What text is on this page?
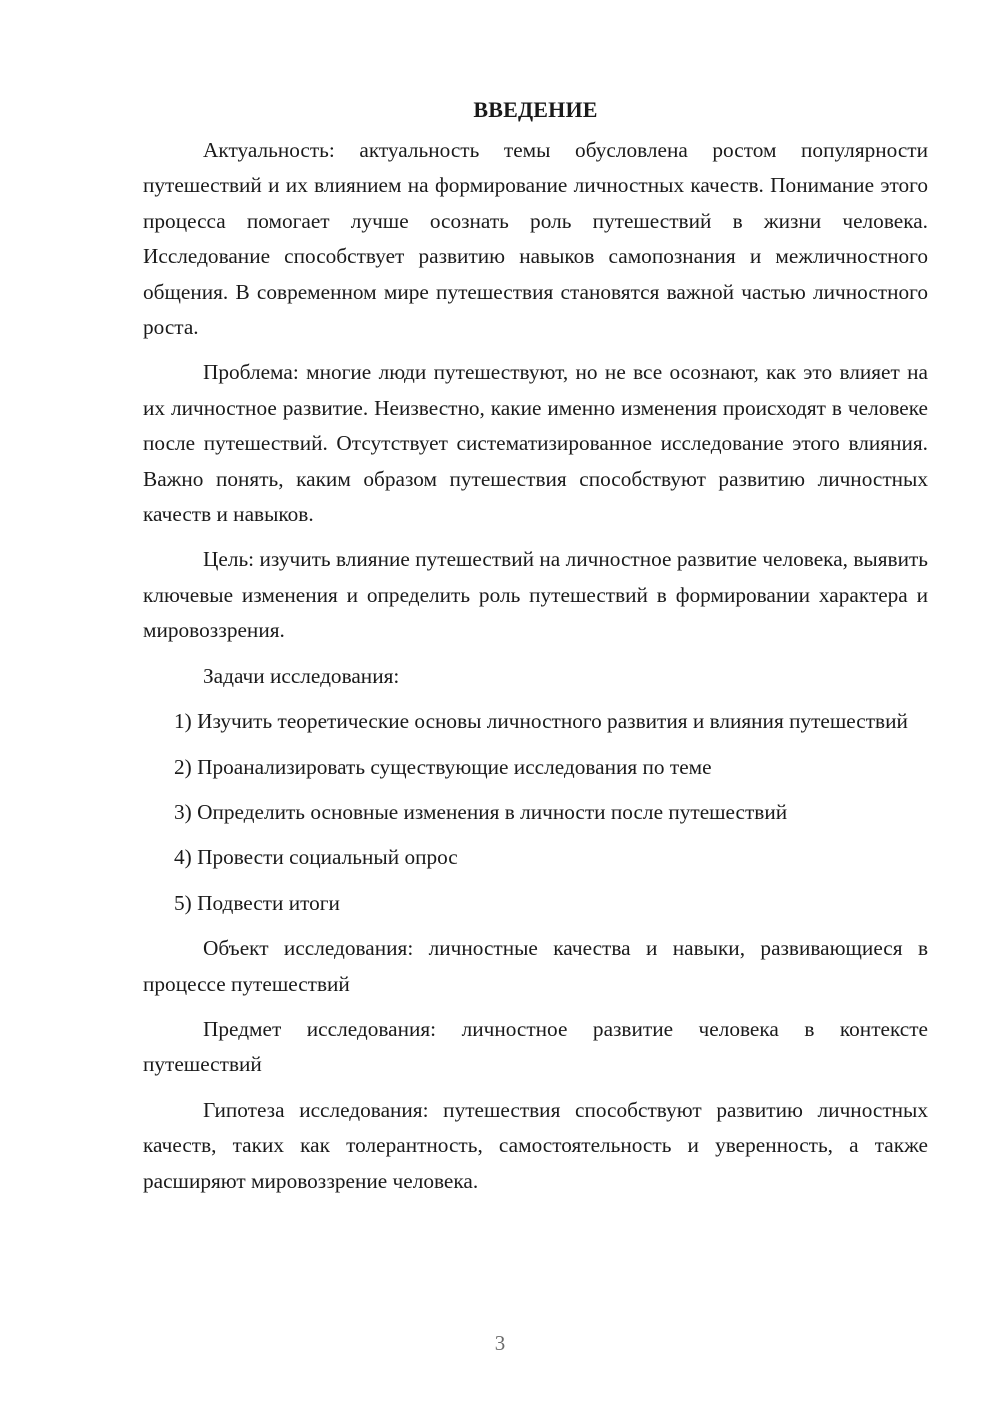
ВВЕДЕНИЕ

Актуальность: актуальность темы обусловлена ростом популярности путешествий и их влиянием на формирование личностных качеств. Понимание этого процесса помогает лучше осознать роль путешествий в жизни человека. Исследование способствует развитию навыков самопознания и межличностного общения. В современном мире путешествия становятся важной частью личностного роста.

Проблема: многие люди путешествуют, но не все осознают, как это влияет на их личностное развитие. Неизвестно, какие именно изменения происходят в человеке после путешествий. Отсутствует систематизированное исследование этого влияния. Важно понять, каким образом путешествия способствуют развитию личностных качеств и навыков.

Цель: изучить влияние путешествий на личностное развитие человека, выявить ключевые изменения и определить роль путешествий в формировании характера и мировоззрения.

Задачи исследования:

1) Изучить теоретические основы личностного развития и влияния путешествий

2) Проанализировать существующие исследования по теме

3) Определить основные изменения в личности после путешествий

4) Провести социальный опрос

5) Подвести итоги

Объект исследования: личностные качества и навыки, развивающиеся в процессе путешествий

Предмет исследования: личностное развитие человека в контексте путешествий

Гипотеза исследования: путешествия способствуют развитию личностных качеств, таких как толерантность, самостоятельность и уверенность, а также расширяют мировоззрение человека.

3
